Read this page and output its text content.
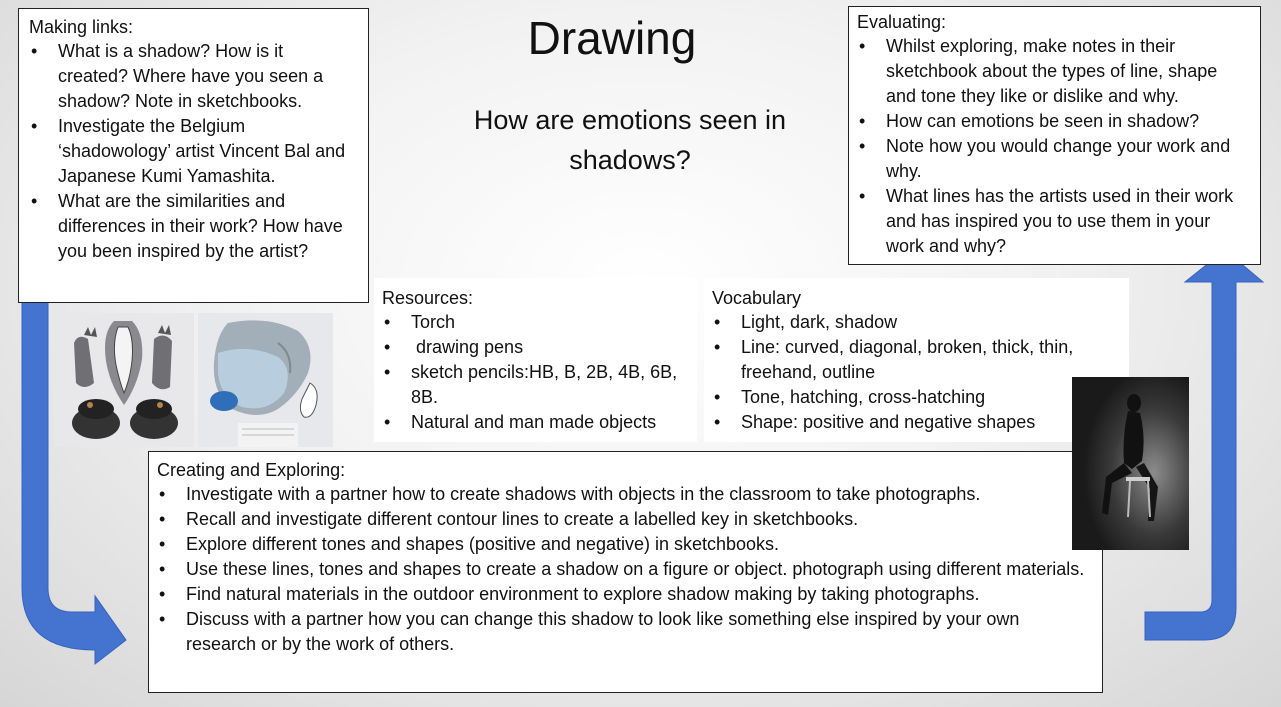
Drawing
How are emotions seen in shadows?
Making links:
• What is a shadow? How is it created? Where have you seen a shadow? Note in sketchbooks.
• Investigate the Belgium ‘shadowology’ artist Vincent Bal and Japanese Kumi Yamashita.
• What are the similarities and differences in their work? How have you been inspired by the artist?
Evaluating:
• Whilst exploring, make notes in their sketchbook about the types of line, shape and tone they like or dislike and why.
• How can emotions be seen in shadow?
• Note how you would change your work and why.
• What lines has the artists used in their work and has inspired you to use them in your work and why?
Resources:
• Torch
•  drawing pens
• sketch pencils:HB, B, 2B, 4B, 6B, 8B.
• Natural and man made objects
Vocabulary
• Light, dark, shadow
• Line: curved, diagonal, broken, thick, thin, freehand, outline
• Tone, hatching, cross-hatching
• Shape: positive and negative shapes
Creating and Exploring:
• Investigate with a partner how to create shadows with objects in the classroom to take photographs.
• Recall and investigate different contour lines to create a labelled key in sketchbooks.
• Explore different tones and shapes (positive and negative) in sketchbooks.
• Use these lines, tones and shapes to create a shadow on a figure or object. photograph using different materials.
• Find natural materials in the outdoor environment to explore shadow making by taking photographs.
• Discuss with a partner how you can change this shadow to look like something else inspired by your own research or by the work of others.
